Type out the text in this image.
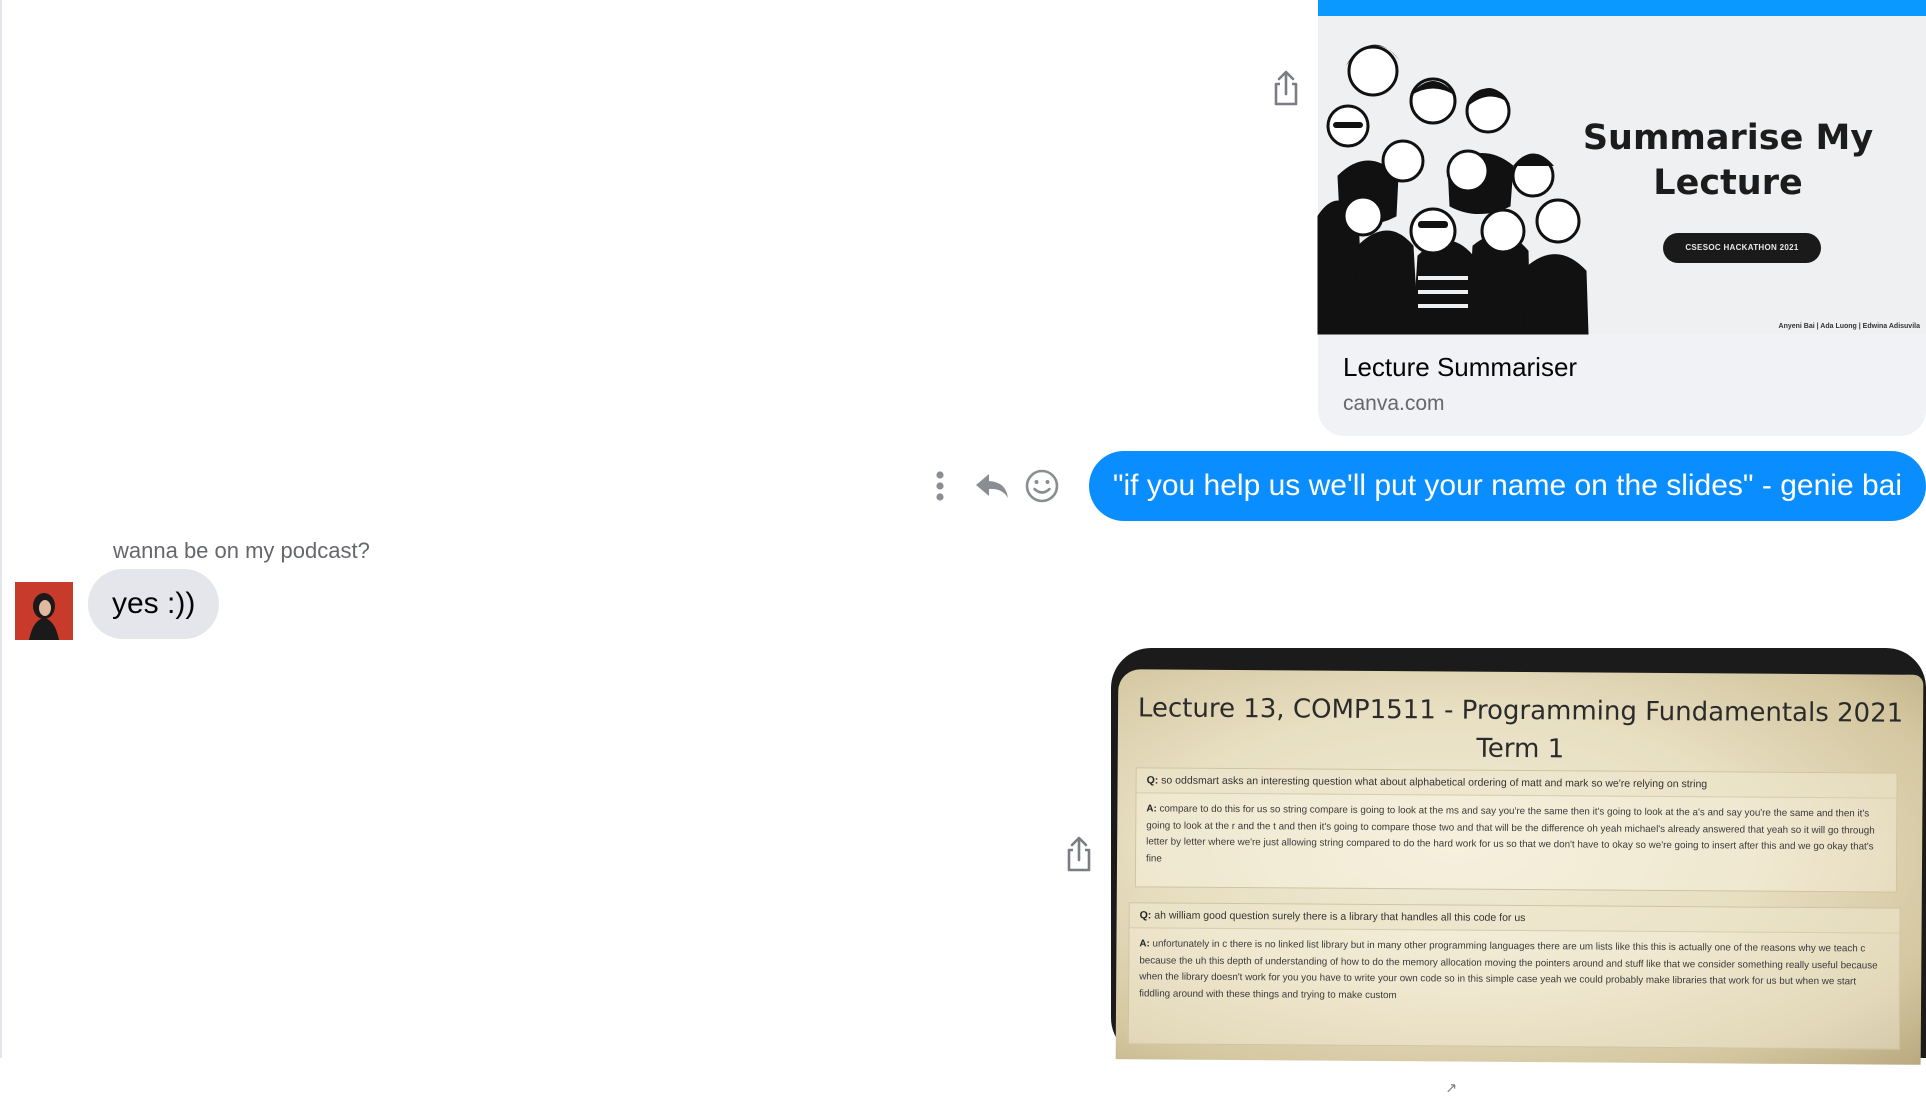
Summarise My
Lecture
CSESOC HACKATHON 2021
Anyeni Bai | Ada Luong | Edwina Adisuvila
Lecture Summariser
canva.com
"if you help us we'll put your name on the slides" - genie bai
wanna be on my podcast?
yes :))
Lecture 13, COMP1511 - Programming Fundamentals 2021
Term 1
Q: so oddsmart asks an interesting question what about alphabetical ordering of matt and mark so we're relying on string
A: compare to do this for us so string compare is going to look at the ms and say you're the same then it's going to look at the a's and say you're the same and then it's going to look at the r and the t and then it's going to compare those two and that will be the difference oh yeah michael's already answered that yeah so it will go through letter by letter where we're just allowing string compared to do the hard work for us so that we don't have to okay so we're going to insert after this and we go okay that's fine
Q: ah william good question surely there is a library that handles all this code for us
A: unfortunately in c there is no linked list library but in many other programming languages there are um lists like this this is actually one of the reasons why we teach c because the uh this depth of understanding of how to do the memory allocation moving the pointers around and stuff like that we consider something really useful because when the library doesn't work for you you have to write your own code so in this simple case yeah we could probably make libraries that work for us but when we start fiddling around with these things and trying to make custom
↗
